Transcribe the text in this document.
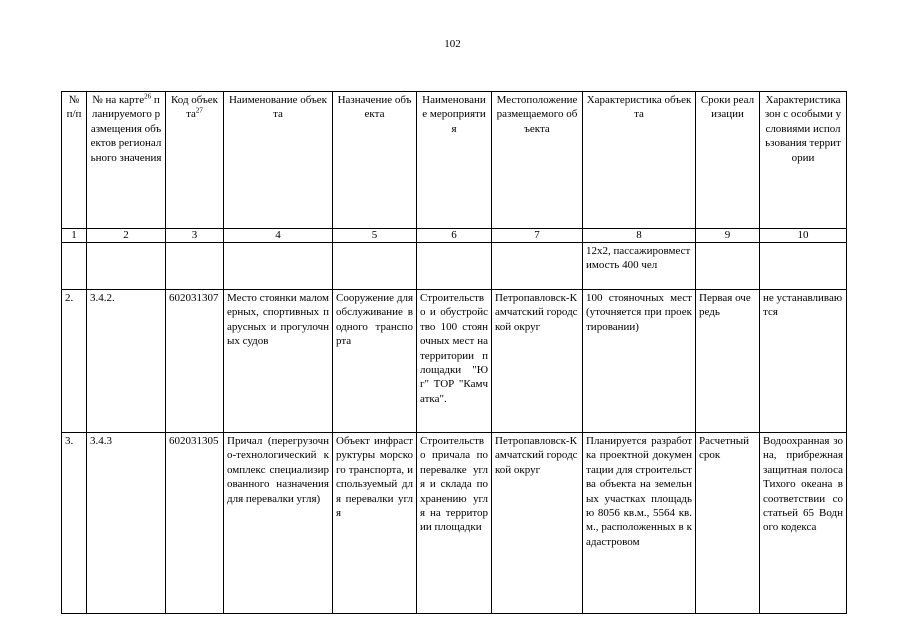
102
№ п/п	№ на карте$^{26}$ планируемого размещения объектов регионального значения	Код объекта$^{27}$	Наименование объекта	Назначение объекта	Наименование мероприятия	Местоположение размещаемого объекта	Характеристика объекта	Сроки реализации	Характеристика зон с особыми условиями использования территории
1	2	3	4	5	6	7	8	9	10
							12х2, пассажировместимость 400 чел		
2.	3.4.2.	602031307	Место стоянки маломерных, спортивных парусных и прогулочных судов	Сооружение для обслуживание водного транспорта	Строительство и обустройство 100 стояночных мест на территории площадки "Юг" ТОР "Камчатка".	Петропавловск-Камчатский городской округ	100 стояночных мест (уточняется при проектировании)	Первая очередь	не устанавливаются
3.	3.4.3	602031305	Причал (перегрузочно-технологический комплекс специализированного назначения для перевалки угля)	Объект инфраструктуры морского транспорта, используемый для перевалки угля	Строительство причала по перевалке угля и склада по хранению угля на территории площадки	Петропавловск-Камчатский городской округ	Планируется разработка проектной документации для строительства объекта на земельных участках площадью 8056 кв.м., 5564 кв.м., расположенных в кадастровом	Расчетный срок	Водоохранная зона, прибрежная защитная полоса Тихого океана в соответствии со статьей 65 Водного кодекса
